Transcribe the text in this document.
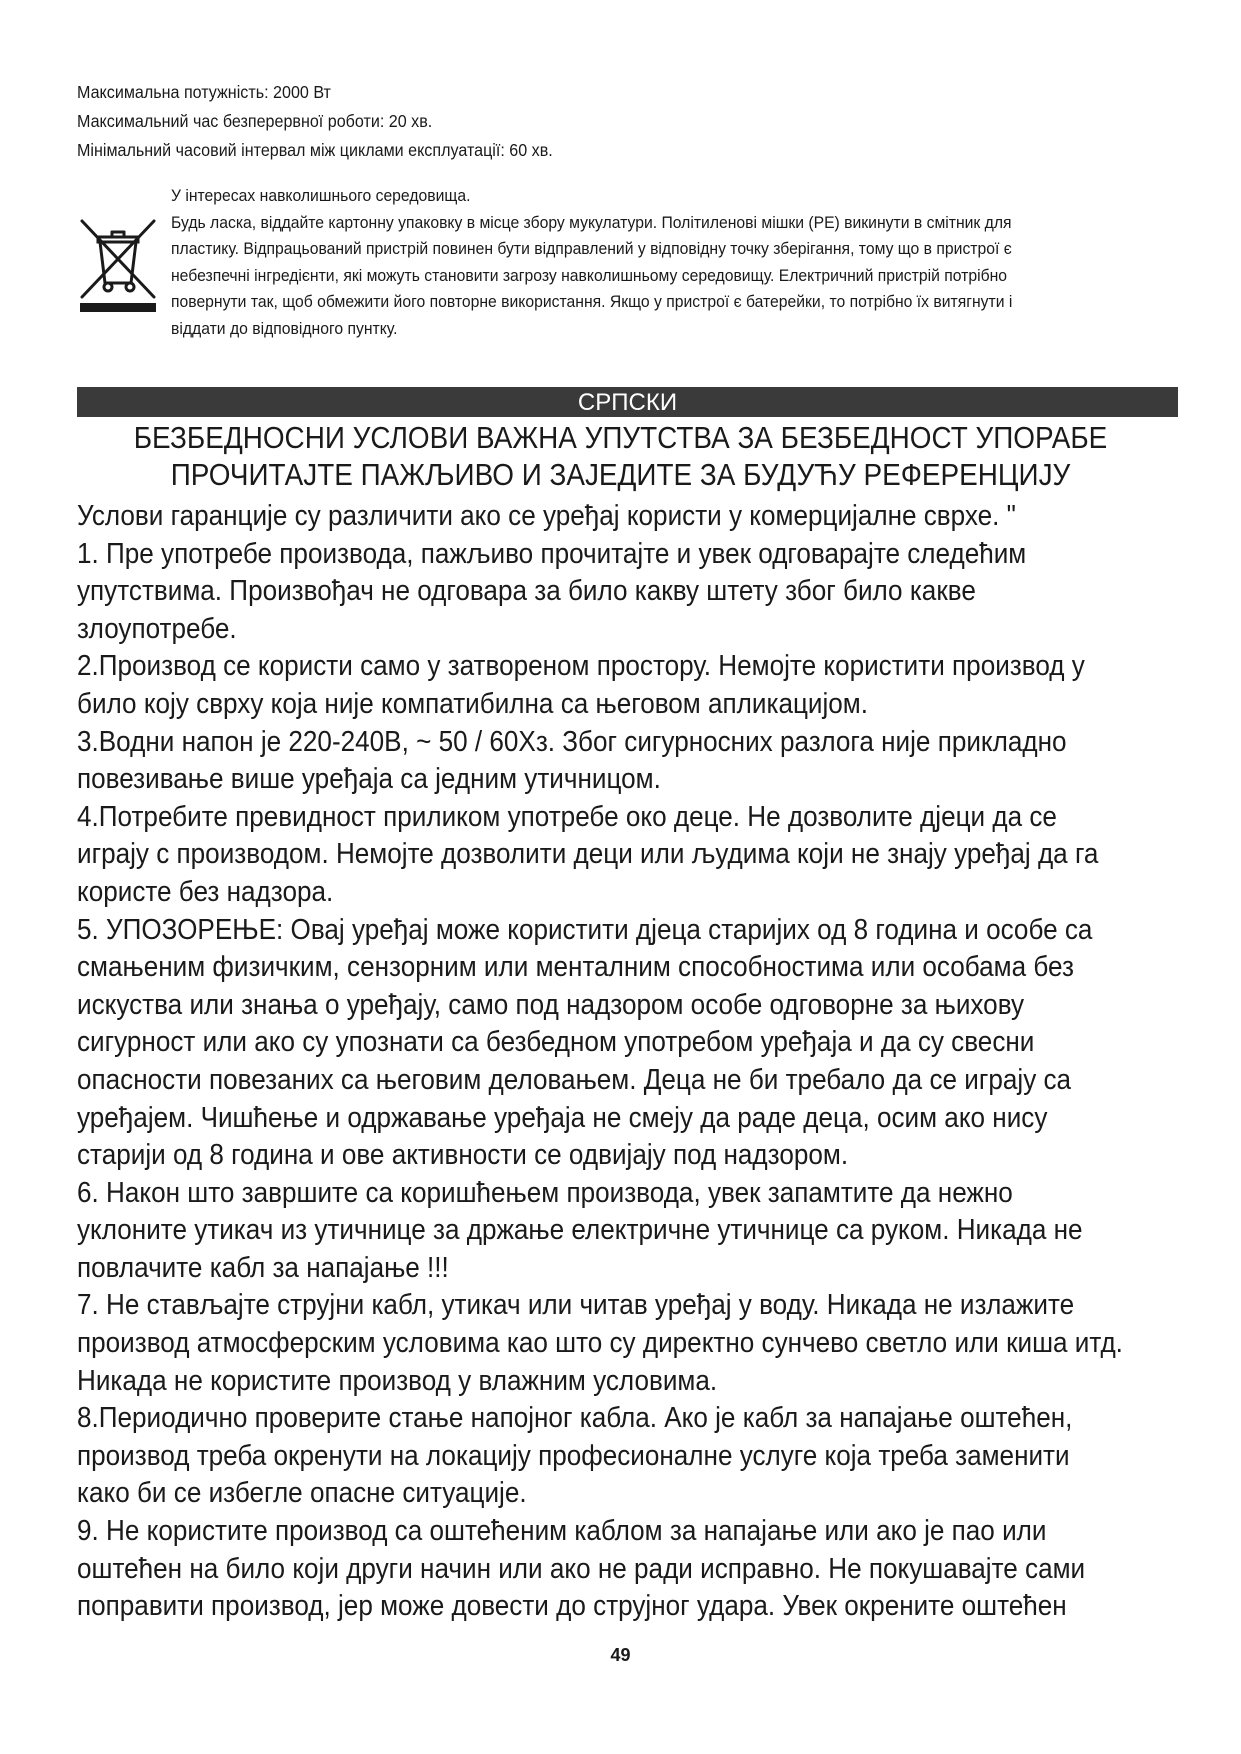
Максимальна потужність: 2000 Вт
Максимальний час безперервної роботи: 20 хв.
Мінімальний часовий інтервал між циклами експлуатації: 60 хв.
У інтересах навколишнього середовища.
Будь ласка, віддайте картонну упаковку в місце збору мукулатури. Політиленові мішки (PE) викинути в смітник для
пластику. Відпрацьований пристрій повинен бути відправлений у відповідну точку зберігання, тому що в пристрої є
небезпечні інгредієнти, які можуть становити загрозу навколишньому середовищу. Електричний пристрій потрібно
повернути так, щоб обмежити його повторне використання. Якщо у пристрої є батерейки, то потрібно їх витягнути і
віддати до відповідного пунтку.
СРПСКИ
БЕЗБЕДНОСНИ УСЛОВИ ВАЖНА УПУТСТВА ЗА БЕЗБЕДНОСТ УПОРАБЕ
ПРОЧИТАЈТЕ ПАЖЉИВО И ЗАЈЕДИТЕ ЗА БУДУЋУ РЕФЕРЕНЦИЈУ
Услови гаранције су различити ако се уређај користи у комерцијалне сврхе. "
1. Пре употребе производа, пажљиво прочитајте и увек одговарајте следећим
упутствима. Произвођач не одговара за било какву штету због било какве
злоупотребе.
2.Производ се користи само у затвореном простору. Немојте користити производ у
било коју сврху која није компатибилна са његовом апликацијом.
3.Водни напон је 220-240В, ~ 50 / 60Хз. Због сигурносних разлога није прикладно
повезивање више уређаја са једним утичницом.
4.Потребите превидност приликом употребе око деце. Не дозволите дјеци да се
играју с производом. Немојте дозволити деци или људима који не знају уређај да га
користе без надзора.
5. УПОЗОРЕЊЕ: Овај уређај може користити дјеца старијих од 8 година и особе са
смањеним физичким, сензорним или менталним способностима или особама без
искуства или знања о уређају, само под надзором особе одговорне за њихову
сигурност или ако су упознати са безбедном употребом уређаја и да су свесни
опасности повезаних са његовим деловањем. Деца не би требало да се играју са
уређајем. Чишћење и одржавање уређаја не смеју да раде деца, осим ако нису
старији од 8 година и ове активности се одвијају под надзором.
6. Након што завршите са коришћењем производа, увек запамтите да нежно
уклоните утикач из утичнице за држање електричне утичнице са руком. Никада не
повлачите кабл за напајање !!!
7. Не стављајте струјни кабл, утикач или читав уређај у воду. Никада не излажите
производ атмосферским условима као што су директно сунчево светло или киша итд.
Никада не користите производ у влажним условима.
8.Периодично проверите стање напојног кабла. Ако је кабл за напајање оштећен,
производ треба окренути на локацију професионалне услуге која треба заменити
како би се избегле опасне ситуације.
9. Не користите производ са оштећеним каблом за напајање или ако је пао или
оштећен на било који други начин или ако не ради исправно. Не покушавајте сами
поправити производ, јер може довести до струјног удара. Увек окрените оштећен
49
